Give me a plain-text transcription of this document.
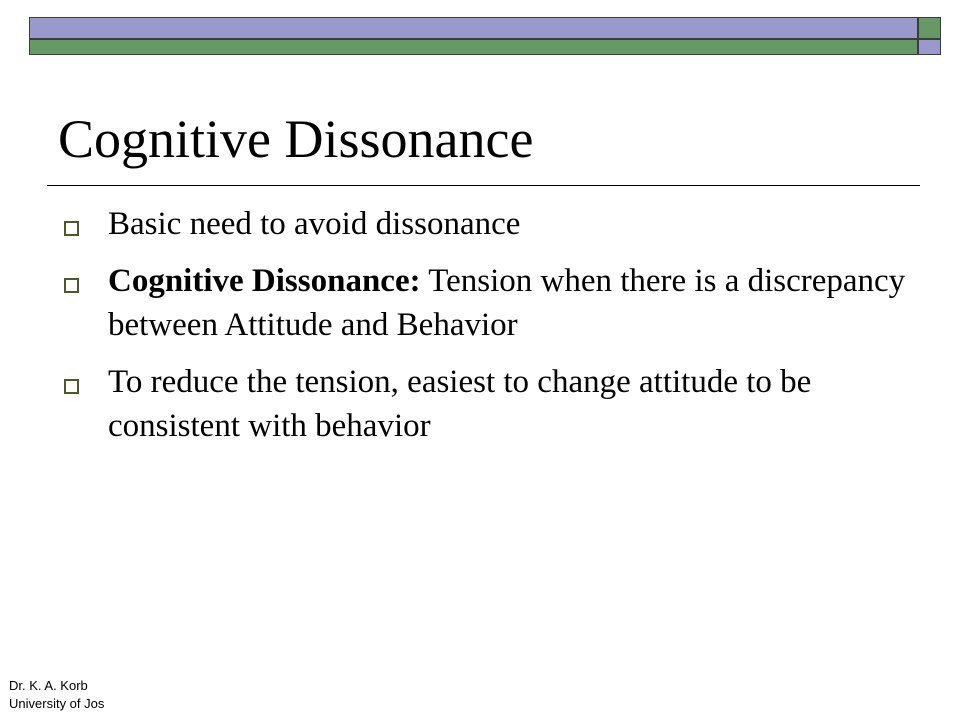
Cognitive Dissonance
Basic need to avoid dissonance
Cognitive Dissonance: Tension when there is a discrepancy between Attitude and Behavior
To reduce the tension, easiest to change attitude to be consistent with behavior
Dr. K. A. Korb
University of Jos
